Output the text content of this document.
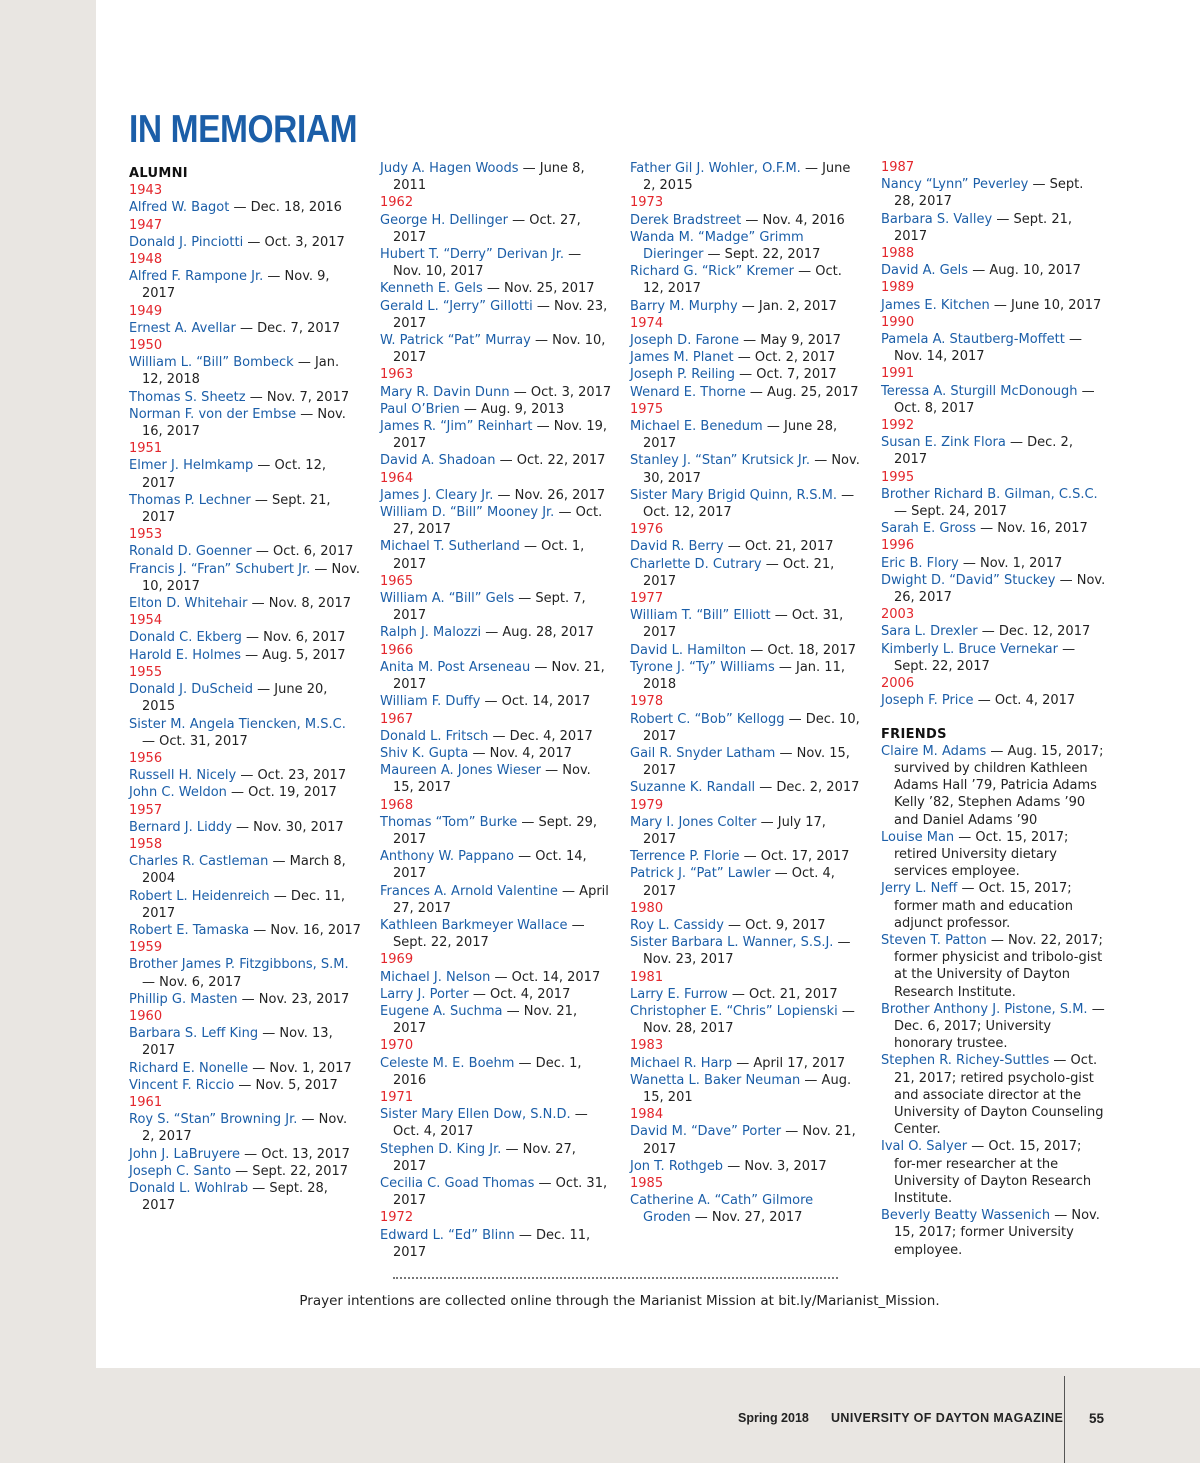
IN MEMORIAM
ALUMNI
1943
Alfred W. Bagot — Dec. 18, 2016
1947
Donald J. Pinciotti — Oct. 3, 2017
1948
Alfred F. Rampone Jr. — Nov. 9, 2017
1949
Ernest A. Avellar — Dec. 7, 2017
1950
William L. “Bill” Bombeck — Jan. 12, 2018
Thomas S. Sheetz — Nov. 7, 2017
Norman F. von der Embse — Nov. 16, 2017
1951
Elmer J. Helmkamp — Oct. 12, 2017
Thomas P. Lechner — Sept. 21, 2017
1953
Ronald D. Goenner — Oct. 6, 2017
Francis J. “Fran” Schubert Jr. — Nov. 10, 2017
Elton D. Whitehair — Nov. 8, 2017
1954
Donald C. Ekberg — Nov. 6, 2017
Harold E. Holmes — Aug. 5, 2017
1955
Donald J. DuScheid — June 20, 2015
Sister M. Angela Tiencken, M.S.C. — Oct. 31, 2017
1956
Russell H. Nicely — Oct. 23, 2017
John C. Weldon — Oct. 19, 2017
1957
Bernard J. Liddy — Nov. 30, 2017
1958
Charles R. Castleman — March 8, 2004
Robert L. Heidenreich — Dec. 11, 2017
Robert E. Tamaska — Nov. 16, 2017
1959
Brother James P. Fitzgibbons, S.M. — Nov. 6, 2017
Phillip G. Masten — Nov. 23, 2017
1960
Barbara S. Leff King — Nov. 13, 2017
Richard E. Nonelle — Nov. 1, 2017
Vincent F. Riccio — Nov. 5, 2017
1961
Roy S. “Stan” Browning Jr. — Nov. 2, 2017
John J. LaBruyere — Oct. 13, 2017
Joseph C. Santo — Sept. 22, 2017
Donald L. Wohlrab — Sept. 28, 2017
Judy A. Hagen Woods — June 8, 2011
1962
George H. Dellinger — Oct. 27, 2017
Hubert T. “Derry” Derivan Jr. — Nov. 10, 2017
Kenneth E. Gels — Nov. 25, 2017
Gerald L. “Jerry” Gillotti — Nov. 23, 2017
W. Patrick “Pat” Murray — Nov. 10, 2017
1963
Mary R. Davin Dunn — Oct. 3, 2017
Paul O’Brien — Aug. 9, 2013
James R. “Jim” Reinhart — Nov. 19, 2017
David A. Shadoan — Oct. 22, 2017
1964
James J. Cleary Jr. — Nov. 26, 2017
William D. “Bill” Mooney Jr. — Oct. 27, 2017
Michael T. Sutherland — Oct. 1, 2017
1965
William A. “Bill” Gels — Sept. 7, 2017
Ralph J. Malozzi — Aug. 28, 2017
1966
Anita M. Post Arseneau — Nov. 21, 2017
William F. Duffy — Oct. 14, 2017
1967
Donald L. Fritsch — Dec. 4, 2017
Shiv K. Gupta — Nov. 4, 2017
Maureen A. Jones Wieser — Nov. 15, 2017
1968
Thomas “Tom” Burke — Sept. 29, 2017
Anthony W. Pappano — Oct. 14, 2017
Frances A. Arnold Valentine — April 27, 2017
Kathleen Barkmeyer Wallace — Sept. 22, 2017
1969
Michael J. Nelson — Oct. 14, 2017
Larry J. Porter — Oct. 4, 2017
Eugene A. Suchma — Nov. 21, 2017
1970
Celeste M. E. Boehm — Dec. 1, 2016
1971
Sister Mary Ellen Dow, S.N.D. — Oct. 4, 2017
Stephen D. King Jr. — Nov. 27, 2017
Cecilia C. Goad Thomas — Oct. 31, 2017
1972
Edward L. “Ed” Blinn — Dec. 11, 2017
Father Gil J. Wohler, O.F.M. — June 2, 2015
1973
Derek Bradstreet — Nov. 4, 2016
Wanda M. “Madge” Grimm Dieringer — Sept. 22, 2017
Richard G. “Rick” Kremer — Oct. 12, 2017
Barry M. Murphy — Jan. 2, 2017
1974
Joseph D. Farone — May 9, 2017
James M. Planet — Oct. 2, 2017
Joseph P. Reiling — Oct. 7, 2017
Wenard E. Thorne — Aug. 25, 2017
1975
Michael E. Benedum — June 28, 2017
Stanley J. “Stan” Krutsick Jr. — Nov. 30, 2017
Sister Mary Brigid Quinn, R.S.M. — Oct. 12, 2017
1976
David R. Berry — Oct. 21, 2017
Charlette D. Cutrary — Oct. 21, 2017
1977
William T. “Bill” Elliott — Oct. 31, 2017
David L. Hamilton — Oct. 18, 2017
Tyrone J. “Ty” Williams — Jan. 11, 2018
1978
Robert C. “Bob” Kellogg — Dec. 10, 2017
Gail R. Snyder Latham — Nov. 15, 2017
Suzanne K. Randall — Dec. 2, 2017
1979
Mary I. Jones Colter — July 17, 2017
Terrence P. Florie — Oct. 17, 2017
Patrick J. “Pat” Lawler — Oct. 4, 2017
1980
Roy L. Cassidy — Oct. 9, 2017
Sister Barbara L. Wanner, S.S.J. — Nov. 23, 2017
1981
Larry E. Furrow — Oct. 21, 2017
Christopher E. “Chris” Lopienski — Nov. 28, 2017
1983
Michael R. Harp — April 17, 2017
Wanetta L. Baker Neuman — Aug. 15, 201
1984
David M. “Dave” Porter — Nov. 21, 2017
Jon T. Rothgeb — Nov. 3, 2017
1985
Catherine A. “Cath” Gilmore Groden — Nov. 27, 2017
1987
Nancy “Lynn” Peverley — Sept. 28, 2017
Barbara S. Valley — Sept. 21, 2017
1988
David A. Gels — Aug. 10, 2017
1989
James E. Kitchen — June 10, 2017
1990
Pamela A. Stautberg-Moffett — Nov. 14, 2017
1991
Teressa A. Sturgill McDonough — Oct. 8, 2017
1992
Susan E. Zink Flora — Dec. 2, 2017
1995
Brother Richard B. Gilman, C.S.C. — Sept. 24, 2017
Sarah E. Gross — Nov. 16, 2017
1996
Eric B. Flory — Nov. 1, 2017
Dwight D. “David” Stuckey — Nov. 26, 2017
2003
Sara L. Drexler — Dec. 12, 2017
Kimberly L. Bruce Vernekar — Sept. 22, 2017
2006
Joseph F. Price — Oct. 4, 2017
FRIENDS
Claire M. Adams — Aug. 15, 2017; survived by children Kathleen Adams Hall ’79, Patricia Adams Kelly ’82, Stephen Adams ’90 and Daniel Adams ’90
Louise Man — Oct. 15, 2017; retired University dietary services employee.
Jerry L. Neff — Oct. 15, 2017; former math and education adjunct professor.
Steven T. Patton — Nov. 22, 2017; former physicist and tribolo-gist at the University of Dayton Research Institute.
Brother Anthony J. Pistone, S.M. — Dec. 6, 2017; University honorary trustee.
Stephen R. Richey-Suttles — Oct. 21, 2017; retired psycholo-gist and associate director at the University of Dayton Counseling Center.
Ival O. Salyer — Oct. 15, 2017; for-mer researcher at the University of Dayton Research Institute.
Beverly Beatty Wassenich — Nov. 15, 2017; former University employee.
Prayer intentions are collected online through the Marianist Mission at bit.ly/Marianist_Mission.
Spring 2018 UNIVERSITY OF DAYTON MAGAZINE 55
